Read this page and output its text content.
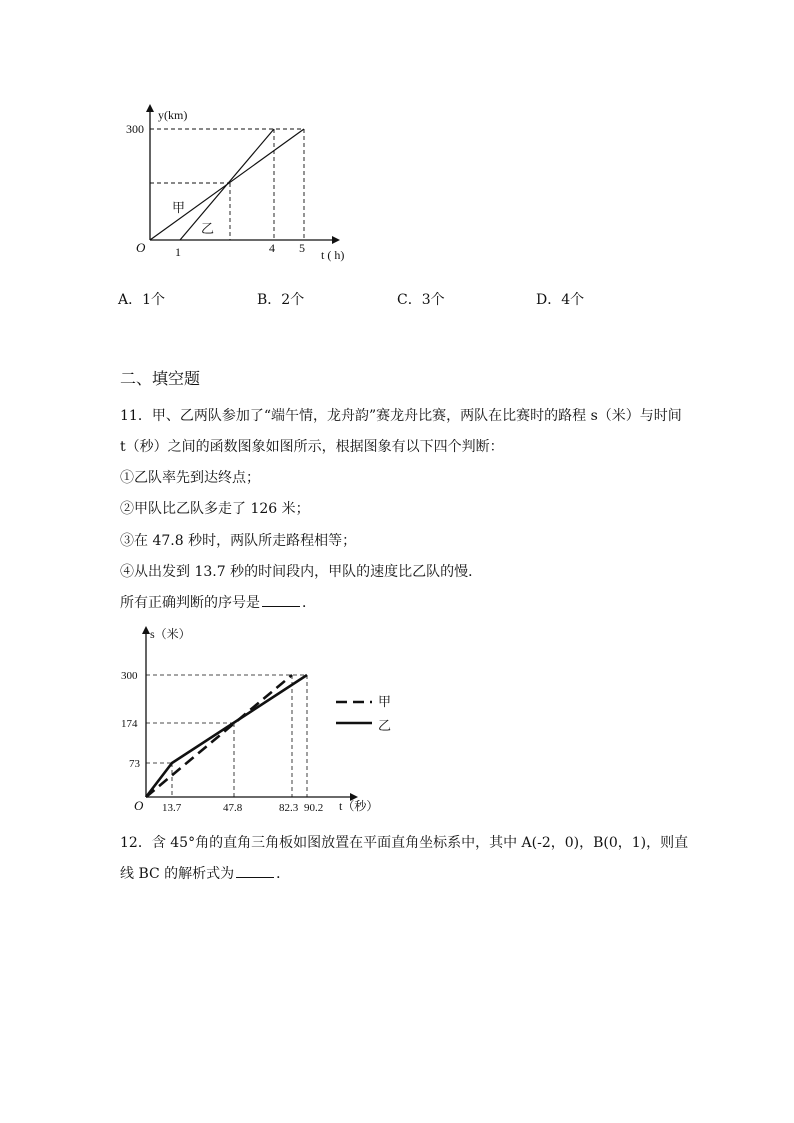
y(km)
300
O 1	4 5 t ( h)
甲
乙
A．1个	B．2个	C．3个	D．4个
二、填空题
11．甲、乙两队参加了“端午情，龙舟韵”赛龙舟比赛，两队在比赛时的路程 s（米）与时间
t（秒）之间的函数图象如图所示，根据图象有以下四个判断：
①乙队率先到达终点；
②甲队比乙队多走了 126 米；
③在 47.8 秒时，两队所走路程相等；
④从出发到 13.7 秒的时间段内，甲队的速度比乙队的慢．
所有正确判断的序号是	．
s（米）
300
174
73
O 13.7	47.8	82.3 90.2 t（秒）
甲
乙
12．含 45°角的直角三角板如图放置在平面直角坐标系中，其中 A(-2，0)，B(0，1)，则直
线 BC 的解析式为	．
